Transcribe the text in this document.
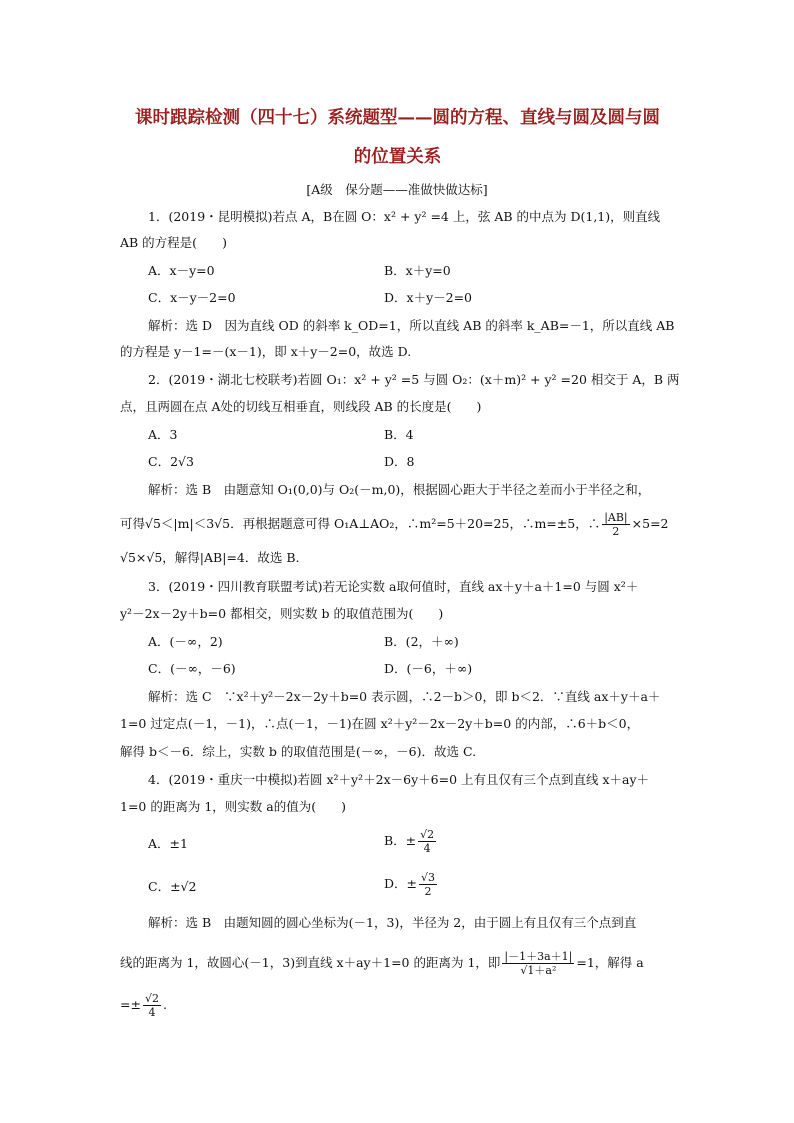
课时跟踪检测（四十七）系统题型——圆的方程、直线与圆及圆与圆
的位置关系
[A级　保分题——准做快做达标]
1．(2019・昆明模拟)若点 A，B在圆 O：x² + y² =4 上，弦 AB 的中点为 D(1,1)，则直线
AB 的方程是(　　)
A．x－y=0	B．x＋y=0
C．x－y－2=0	D．x＋y－2=0
解析：选 D　因为直线 OD 的斜率 k_OD=1，所以直线 AB 的斜率 k_AB=－1，所以直线 AB
的方程是 y－1=－(x－1)，即 x＋y－2=0，故选 D.
2．(2019・湖北七校联考)若圆 O₁：x² + y² =5 与圆 O₂：(x＋m)² + y² =20 相交于 A，B 两
点，且两圆在点 A处的切线互相垂直，则线段 AB 的长度是(　　)
A．3	B．4
C．2√3	D．8
解析：选 B　由题意知 O₁(0,0)与 O₂(－m,0)，根据圆心距大于半径之差而小于半径之和，
可得√5＜|m|＜3√5．再根据题意可得 O₁A⊥AO₂，∴m²=5＋20=25，∴m=±5，∴ $\frac{|AB|}{2} \times 5=2$
√5×√5，解得|AB|=4．故选 B.
3．(2019・四川教育联盟考试)若无论实数 a取何值时，直线 ax＋y＋a＋1=0 与圆 x²＋
y²－2x－2y＋b=0 都相交，则实数 b 的取值范围为(　　)
A．(－∞，2)	B．(2，＋∞)
C．(－∞，－6)	D．(－6，＋∞)
解析：选 C　∵x²＋y²－2x－2y＋b=0 表示圆，∴2－b＞0，即 b＜2．∵直线 ax＋y＋a＋
1=0 过定点(－1，－1)，∴点(－1，－1)在圆 x²＋y²－2x－2y＋b=0 的内部，∴6＋b＜0，
解得 b＜－6．综上，实数 b 的取值范围是(－∞，－6)．故选 C.
4．(2019・重庆一中模拟)若圆 x²＋y²＋2x－6y＋6=0 上有且仅有三个点到直线 x＋ay＋
1=0 的距离为 1，则实数 a的值为(　　)
A．±1	B．± $\frac{√2}{4}$
C．±√2	D．± $\frac{√3}{2}$
解析：选 B　由题知圆的圆心坐标为(－1，3)，半径为 2，由于圆上有且仅有三个点到直
线的距离为 1，故圆心(－1，3)到直线 x＋ay＋1=0 的距离为 1，即 $\frac{|-1+3a+1|}{\text{√1＋a²}} =1$，解得 a
=± $\frac{√2}{4}$ .
